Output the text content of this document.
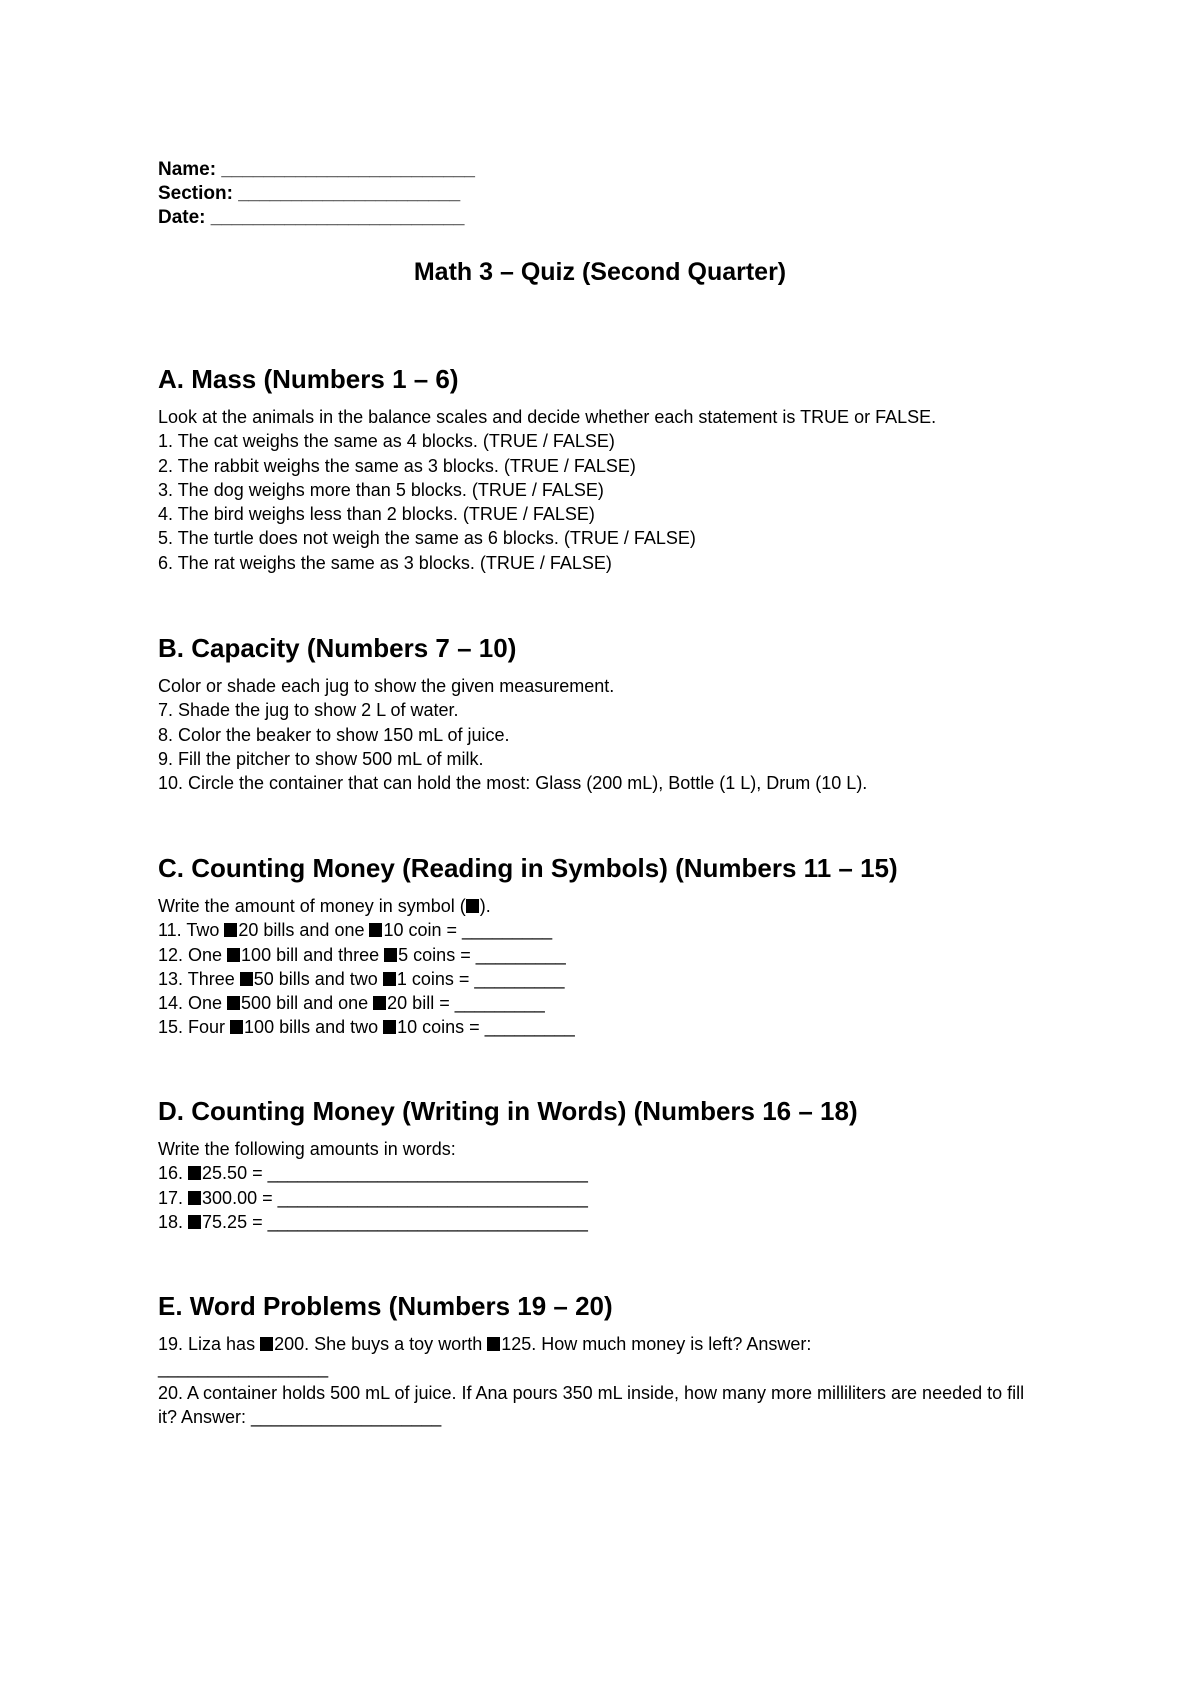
Name: ________________________
Section: _____________________
Date: ________________________
Math 3 – Quiz (Second Quarter)
A. Mass (Numbers 1 – 6)
Look at the animals in the balance scales and decide whether each statement is TRUE or FALSE.
1. The cat weighs the same as 4 blocks. (TRUE / FALSE)
2. The rabbit weighs the same as 3 blocks. (TRUE / FALSE)
3. The dog weighs more than 5 blocks. (TRUE / FALSE)
4. The bird weighs less than 2 blocks. (TRUE / FALSE)
5. The turtle does not weigh the same as 6 blocks. (TRUE / FALSE)
6. The rat weighs the same as 3 blocks. (TRUE / FALSE)
B. Capacity (Numbers 7 – 10)
Color or shade each jug to show the given measurement.
7. Shade the jug to show 2 L of water.
8. Color the beaker to show 150 mL of juice.
9. Fill the pitcher to show 500 mL of milk.
10. Circle the container that can hold the most: Glass (200 mL), Bottle (1 L), Drum (10 L).
C. Counting Money (Reading in Symbols) (Numbers 11 – 15)
Write the amount of money in symbol ( ).
11. Two 20 bills and one 10 coin = _________
12. One 100 bill and three 5 coins = _________
13. Three 50 bills and two 1 coins = _________
14. One 500 bill and one 20 bill = _________
15. Four 100 bills and two 10 coins = _________
D. Counting Money (Writing in Words) (Numbers 16 – 18)
Write the following amounts in words:
16. 25.50 = ________________________________
17. 300.00 = _______________________________
18. 75.25 = ________________________________
E. Word Problems (Numbers 19 – 20)
19. Liza has 200. She buys a toy worth 125. How much money is left? Answer:
_________________
20. A container holds 500 mL of juice. If Ana pours 350 mL inside, how many more milliliters are needed to fill it? Answer: ___________________
